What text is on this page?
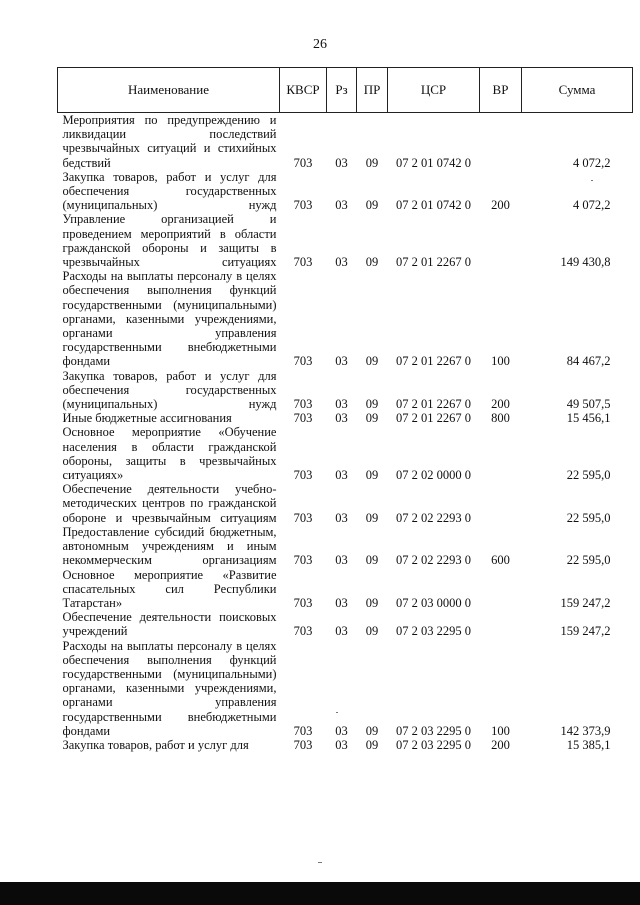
26
Наименование	КВСР	Рз	ПР	ЦСР	ВР	Сумма
Мероприятия по предупреждению и ликвидации последствий чрезвычайных ситуаций и стихийных бедствий	703	03	09	07 2 01 0742 0		4 072,2
Закупка товаров, работ и услуг для обеспечения государственных (муниципальных) нужд	703	03	09	07 2 01 0742 0	200	4 072,2
Управление организацией и проведением мероприятий в области гражданской обороны и защиты в чрезвычайных ситуациях	703	03	09	07 2 01 2267 0		149 430,8
Расходы на выплаты персоналу в целях обеспечения выполнения функций государственными (муниципальными) органами, казенными учреждениями, органами управления государственными внебюджетными фондами	703	03	09	07 2 01 2267 0	100	84 467,2
Закупка товаров, работ и услуг для обеспечения государственных (муниципальных) нужд	703	03	09	07 2 01 2267 0	200	49 507,5
Иные бюджетные ассигнования	703	03	09	07 2 01 2267 0	800	15 456,1
Основное мероприятие «Обучение населения в области гражданской обороны, защиты в чрезвычайных ситуациях»	703	03	09	07 2 02 0000 0		22 595,0
Обеспечение деятельности учебно-методических центров по гражданской обороне и чрезвычайным ситуациям	703	03	09	07 2 02 2293 0		22 595,0
Предоставление субсидий бюджетным, автономным учреждениям и иным некоммерческим организациям	703	03	09	07 2 02 2293 0	600	22 595,0
Основное мероприятие «Развитие спасательных сил Республики Татарстан»	703	03	09	07 2 03 0000 0		159 247,2
Обеспечение деятельности поисковых учреждений	703	03	09	07 2 03 2295 0		159 247,2
Расходы на выплаты персоналу в целях обеспечения выполнения функций государственными (муниципальными) органами, казенными учреждениями, органами управления государственными внебюджетными фондами	703	03	09	07 2 03 2295 0	100	142 373,9
Закупка товаров, работ и услуг для	703	03	09	07 2 03 2295 0	200	15 385,1
